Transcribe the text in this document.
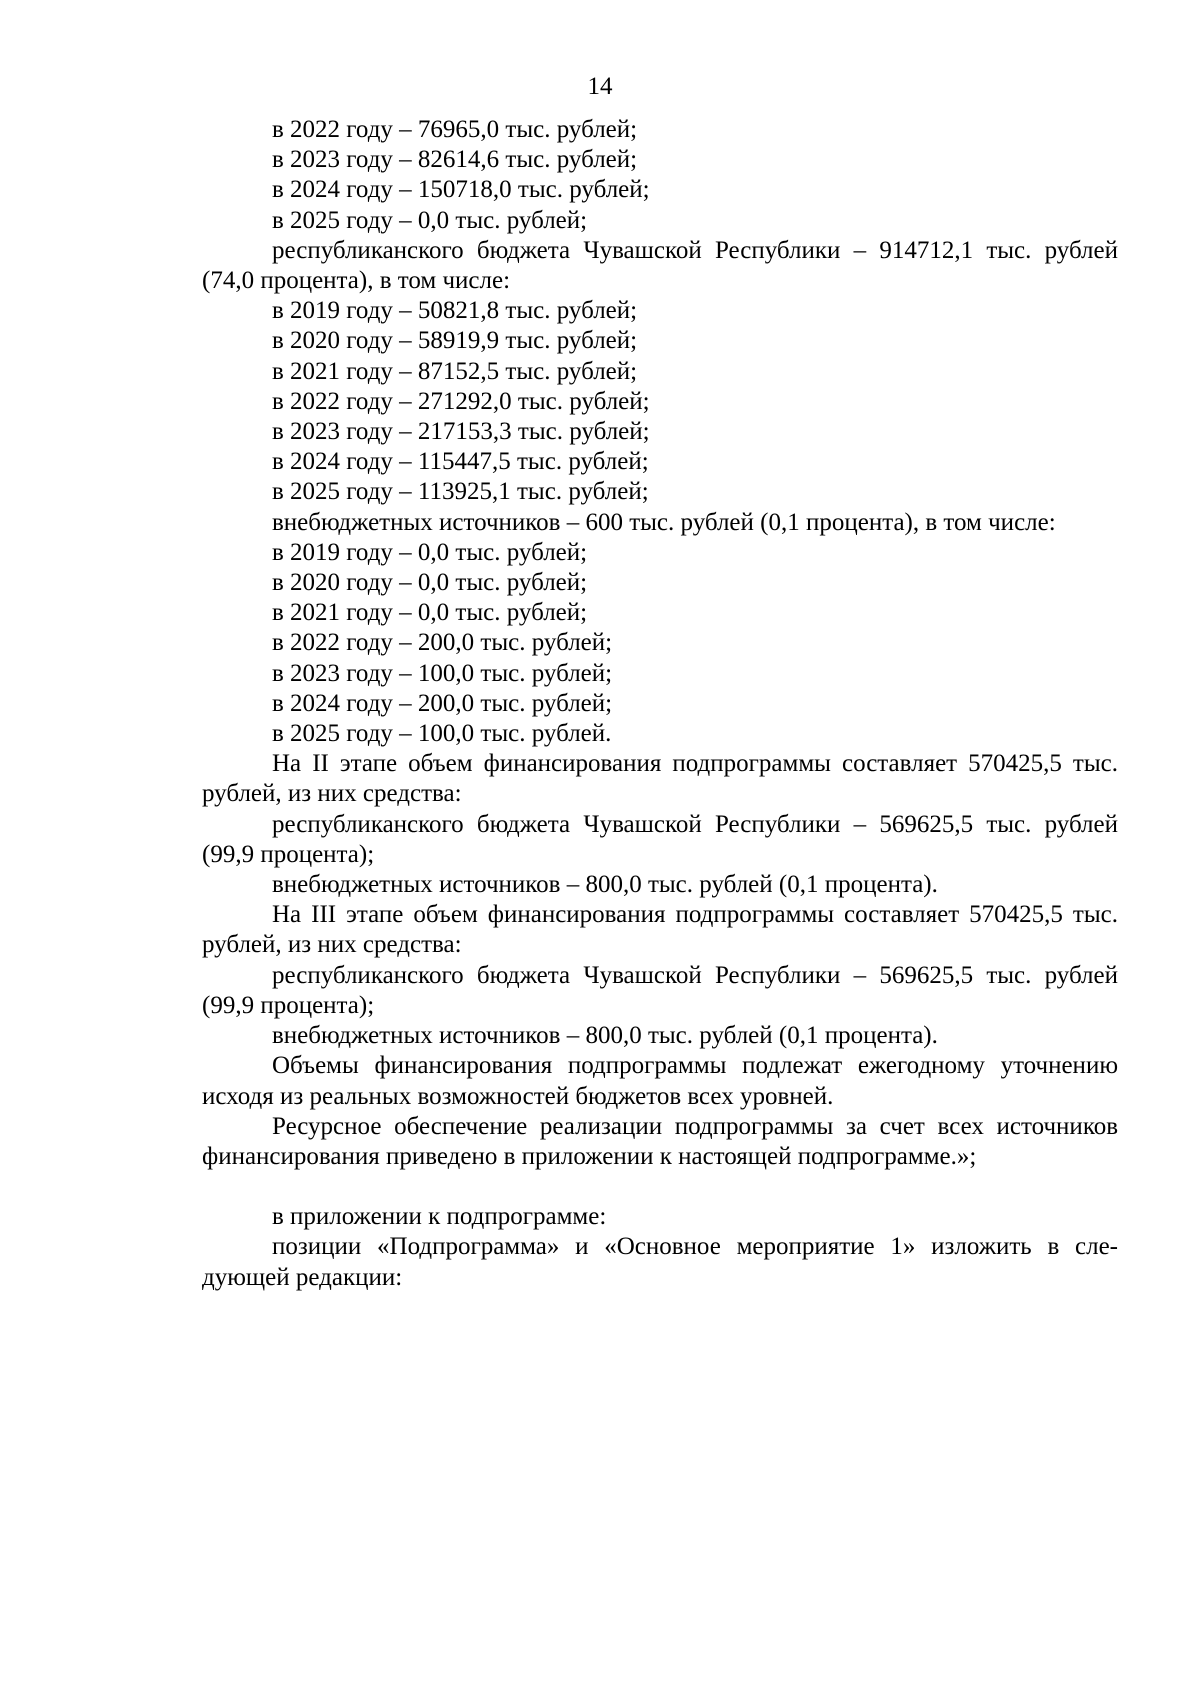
14
в 2022 году – 76965,0 тыс. рублей;
в 2023 году – 82614,6 тыс. рублей;
в 2024 году – 150718,0 тыс. рублей;
в 2025 году – 0,0 тыс. рублей;
республиканского бюджета Чувашской Республики – 914712,1 тыс. рублей (74,0 процента), в том числе:
в 2019 году – 50821,8 тыс. рублей;
в 2020 году – 58919,9 тыс. рублей;
в 2021 году – 87152,5 тыс. рублей;
в 2022 году – 271292,0 тыс. рублей;
в 2023 году – 217153,3 тыс. рублей;
в 2024 году – 115447,5 тыс. рублей;
в 2025 году – 113925,1 тыс. рублей;
внебюджетных источников – 600 тыс. рублей (0,1 процента), в том числе:
в 2019 году – 0,0 тыс. рублей;
в 2020 году – 0,0 тыс. рублей;
в 2021 году – 0,0 тыс. рублей;
в 2022 году – 200,0 тыс. рублей;
в 2023 году – 100,0 тыс. рублей;
в 2024 году – 200,0 тыс. рублей;
в 2025 году – 100,0 тыс. рублей.
На II этапе объем финансирования подпрограммы составляет 570425,5 тыс. рублей, из них средства:
республиканского бюджета Чувашской Республики – 569625,5 тыс. рублей (99,9 процента);
внебюджетных источников – 800,0 тыс. рублей (0,1 процента).
На III этапе объем финансирования подпрограммы составляет 570425,5 тыс. рублей, из них средства:
республиканского бюджета Чувашской Республики – 569625,5 тыс. рублей (99,9 процента);
внебюджетных источников – 800,0 тыс. рублей (0,1 процента).
Объемы финансирования подпрограммы подлежат ежегодному уточнению исходя из реальных возможностей бюджетов всех уровней.
Ресурсное обеспечение реализации подпрограммы за счет всех источников финансирования приведено в приложении к настоящей подпрограмме.»;
в приложении к подпрограмме:
позиции «Подпрограмма» и «Основное мероприятие 1» изложить в следующей редакции:
